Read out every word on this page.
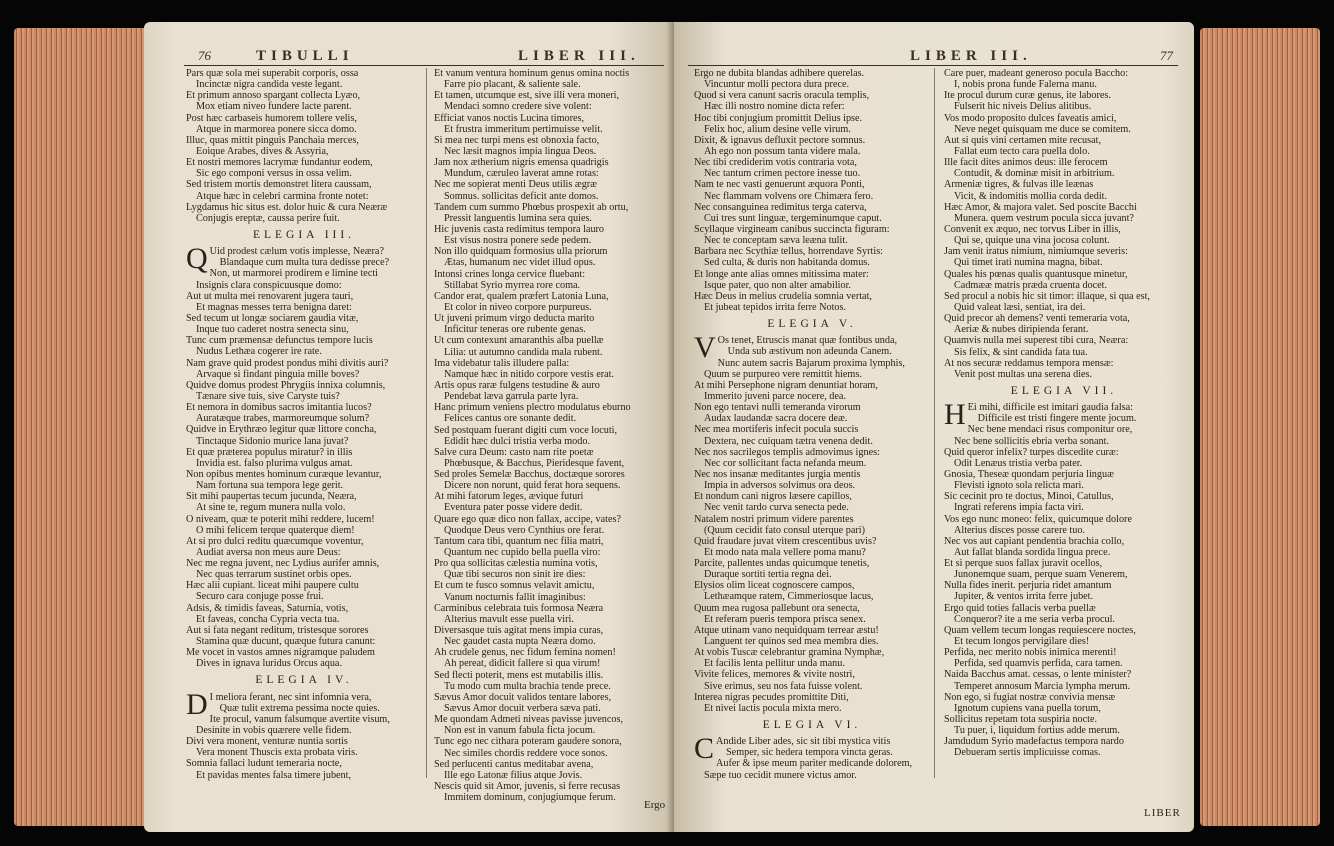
76	TIBULLI	LIBER III.
Pars quæ sola mei superabit corporis, ossa
Incinctæ nigra candida veste legant.
Et primum annoso spargant collecta Lyæo,
Mox etiam niveo fundere lacte parent.
Post hæc carbaseis humorem tollere velis,
Atque in marmorea ponere sicca domo.
Illuc, quas mittit pinguis Panchaia merces,
Eoique Arabes, dives & Assyria,
Et nostri memores lacrymæ fundantur eodem,
Sic ego componi versus in ossa velim.
Sed tristem mortis demonstret litera caussam,
Atque hæc in celebri carmina fronte notet:
Lygdamus hic situs est. dolor huic & cura Neæræ
Conjugis ereptæ, caussa perire fuit.
ELEGIA III.
Q Uid prodest cælum votis implesse, Neæra?
Blandaque cum multa tura dedisse prece?
Non, ut marmorei prodirem e limine tecti
Insignis clara conspicuusque domo:
Aut ut multa mei renovarent jugera tauri,
Et magnas messes terra benigna daret:
Sed tecum ut longæ sociarem gaudia vitæ,
Inque tuo caderet nostra senecta sinu,
Tunc cum præmensæ defunctus tempore lucis
Nudus Lethæa cogerer ire rate.
Nam grave quid prodest pondus mihi divitis auri?
Arvaque si findant pinguia mille boves?
Quidve domus prodest Phrygiis innixa columnis,
Tænare sive tuis, sive Caryste tuis?
Et nemora in domibus sacros imitantia lucos?
Auratæque trabes, marmoreumque solum?
Quidve in Erythræo legitur quæ littore concha,
Tinctaque Sidonio murice lana juvat?
Et quæ præterea populus miratur? in illis
Invidia est. falso plurima vulgus amat.
Non opibus mentes hominum curæque levantur,
Nam fortuna sua tempora lege gerit.
Sit mihi paupertas tecum jucunda, Neæra,
At sine te, regum munera nulla volo.
O niveam, quæ te poterit mihi reddere, lucem!
O mihi felicem terque quaterque diem!
At si pro dulci reditu quæcumque voventur,
Audiat aversa non meus aure Deus:
Nec me regna juvent, nec Lydius aurifer amnis,
Nec quas terrarum sustinet orbis opes.
Hæc alii cupiant. liceat mihi paupere cultu
Securo cara conjuge posse frui.
Adsis, & timidis faveas, Saturnia, votis,
Et faveas, concha Cypria vecta tua.
Aut si fata negant reditum, tristesque sorores
Stamina quæ ducunt, quæque futura canunt:
Me vocet in vastos amnes nigramque paludem
Dives in ignava luridus Orcus aqua.
ELEGIA IV.
D I meliora ferant, nec sint infomnia vera,
Quæ tulit extrema pessima nocte quies.
Ite procul, vanum falsumque avertite visum,
Desinite in vobis quærere velle fidem.
Divi vera monent, venturæ nuntia sortis
Vera monent Thuscis exta probata viris.
Somnia fallaci ludunt temeraria nocte,
Et pavidas mentes falsa timere jubent,
Et vanum ventura hominum genus omina noctis
Farre pio placant, & saliente sale.
Et tamen, utcumque est, sive illi vera moneri,
Mendaci somno credere sive volent:
Efficiat vanos noctis Lucina timores,
Et frustra immeritum pertimuisse velit.
Si mea nec turpi mens est obnoxia facto,
Nec læsit magnos impia lingua Deos.
Jam nox ætherium nigris emensa quadrigis
Mundum, cæruleo laverat amne rotas:
Nec me sopierat menti Deus utilis ægræ
Somnus. sollicitas deficit ante domos.
Tandem cum summo Phœbus prospexit ab ortu,
Pressit languentis lumina sera quies.
Hic juvenis casta redimitus tempora lauro
Est visus nostra ponere sede pedem.
Non illo quidquam formosius ulla priorum
Ætas, humanum nec videt illud opus.
Intonsi crines longa cervice fluebant:
Stillabat Syrio myrrea rore coma.
Candor erat, qualem præfert Latonia Luna,
Et color in niveo corpore purpureus.
Ut juveni primum virgo deducta marito
Inficitur teneras ore rubente genas.
Ut cum contexunt amaranthis alba puellæ
Lilia: ut autumno candida mala rubent.
Ima videbatur talis illudere palla:
Namque hæc in nitido corpore vestis erat.
Artis opus raræ fulgens testudine & auro
Pendebat læva garrula parte lyra.
Hanc primum veniens plectro modulatus eburno
Felices cantus ore sonante dedit.
Sed postquam fuerant digiti cum voce locuti,
Edidit hæc dulci tristia verba modo.
Salve cura Deum: casto nam rite poetæ
Phœbusque, & Bacchus, Pieridesque favent,
Sed proles Semelæ Bacchus, doctæque sorores
Dicere non norunt, quid ferat hora sequens.
At mihi fatorum leges, ævique futuri
Eventura pater posse videre dedit.
Quare ego quæ dico non fallax, accipe, vates?
Quodque Deus vero Cynthius ore ferat.
Tantum cara tibi, quantum nec filia matri,
Quantum nec cupido bella puella viro:
Pro qua sollicitas cælestia numina votis,
Quæ tibi securos non sinit ire dies:
Et cum te fusco somnus velavit amictu,
Vanum nocturnis fallit imaginibus:
Carminibus celebrata tuis formosa Neæra
Alterius mavult esse puella viri.
Diversasque tuis agitat mens impia curas,
Nec gaudet casta nupta Neæra domo.
Ah crudele genus, nec fidum femina nomen!
Ah pereat, didicit fallere si qua virum!
Sed flecti poterit, mens est mutabilis illis.
Tu modo cum multa brachia tende prece.
Sævus Amor docuit validos tentare labores,
Sævus Amor docuit verbera sæva pati.
Me quondam Admeti niveas pavisse juvencos,
Non est in vanum fabula ficta jocum.
Tunc ego nec cithara poteram gaudere sonora,
Nec similes chordis reddere voce sonos.
Sed perlucenti cantus meditabar avena,
Ille ego Latonæ filius atque Jovis.
Nescis quid sit Amor, juvenis, si ferre recusas
Immitem dominum, conjugiumque ferum.
Ergo
LIBER III.	77
Ergo ne dubita blandas adhibere querelas.
Vincuntur molli pectora dura prece.
Quod si vera canunt sacris oracula templis,
Hæc illi nostro nomine dicta refer:
Hoc tibi conjugium promittit Delius ipse.
Felix hoc, alium desine velle virum.
Dixit, & ignavus defluxit pectore somnus.
Ah ego non possum tanta videre mala.
Nec tibi crediderim votis contraria vota,
Nec tantum crimen pectore inesse tuo.
Nam te nec vasti genuerunt æquora Ponti,
Nec flammam volvens ore Chimæra fero.
Nec consanguinea redimitus terga caterva,
Cui tres sunt linguæ, tergeminumque caput.
Scyllaque virgineam canibus succincta figuram:
Nec te conceptam sæva leæna tulit.
Barbara nec Scythiæ tellus, horrendave Syrtis:
Sed culta, & duris non habitanda domus.
Et longe ante alias omnes mitissima mater:
Isque pater, quo non alter amabilior.
Hæc Deus in melius crudelia somnia vertat,
Et jubeat tepidos irrita ferre Notos.
ELEGIA V.
V Os tenet, Etruscis manat quæ fontibus unda,
Unda sub æstivum non adeunda Canem.
Nunc autem sacris Bajarum proxima lymphis,
Quum se purpureo vere remittit hiems.
At mihi Persephone nigram denuntiat horam,
Immerito juveni parce nocere, dea.
Non ego tentavi nulli temeranda virorum
Audax laudandæ sacra docere deæ.
Nec mea mortiferis infecit pocula succis
Dextera, nec cuiquam tætra venena dedit.
Nec nos sacrilegos templis admovimus ignes:
Nec cor sollicitant facta nefanda meum.
Nec nos insanæ meditantes jurgia mentis
Impia in adversos solvimus ora deos.
Et nondum cani nigros læsere capillos,
Nec venit tardo curva senecta pede.
Natalem nostri primum videre parentes
(Quum cecidit fato consul uterque pari)
Quid fraudare juvat vitem crescentibus uvis?
Et modo nata mala vellere poma manu?
Parcite, pallentes undas quicumque tenetis,
Duraque sortiti tertia regna dei.
Elysios olim liceat cognoscere campos,
Lethæamque ratem, Cimmeriosque lacus,
Quum mea rugosa pallebunt ora senecta,
Et referam pueris tempora prisca senex.
Atque utinam vano nequidquam terrear æstu!
Languent ter quinos sed mea membra dies.
At vobis Tuscæ celebrantur gramina Nymphæ,
Et facilis lenta pellitur unda manu.
Vivite felices, memores & vivite nostri,
Sive erimus, seu nos fata fuisse volent.
Interea nigras pecudes promittite Diti,
Et nivei lactis pocula mixta mero.
ELEGIA VI.
C Andide Liber ades, sic sit tibi mystica vitis
Semper, sic hedera tempora vincta geras.
Aufer & ipse meum pariter medicande dolorem,
Sæpe tuo cecidit munere victus amor.
Care puer, madeant generoso pocula Baccho:
I, nobis prona funde Falerna manu.
Ite procul durum curæ genus, ite labores.
Fulserit hic niveis Delius alitibus.
Vos modo proposito dulces faveatis amici,
Neve neget quisquam me duce se comitem.
Aut si quis vini certamen mite recusat,
Fallat eum tecto cara puella dolo.
Ille facit dites animos deus: ille ferocem
Contudit, & dominæ misit in arbitrium.
Armeniæ tigres, & fulvas ille leænas
Vicit, & indomitis mollia corda dedit.
Hæc Amor, & majora valet. Sed poscite Bacchi
Munera. quem vestrum pocula sicca juvant?
Convenit ex æquo, nec torvus Liber in illis,
Qui se, quique una vina jocosa colunt.
Jam venit iratus nimium, nimiumque severis:
Qui timet irati numina magna, bibat.
Quales his pœnas qualis quantusque minetur,
Cadmææ matris præda cruenta docet.
Sed procul a nobis hic sit timor: illaque, si qua est,
Quid valeat læsi, sentiat, ira dei.
Quid precor ah demens? venti temeraria vota,
Aeriæ & nubes diripienda ferant.
Quamvis nulla mei superest tibi cura, Neæra:
Sis felix, & sint candida fata tua.
At nos securæ reddamus tempora mensæ:
Venit post multas una serena dies.
ELEGIA VII.
H Ei mihi, difficile est imitari gaudia falsa:
Difficile est tristi fingere mente jocum.
Nec bene mendaci risus componitur ore,
Nec bene sollicitis ebria verba sonant.
Quid queror infelix? turpes discedite curæ:
Odit Lenæus tristia verba pater.
Gnosia, Theseæ quondam perjuria linguæ
Flevisti ignoto sola relicta mari.
Sic cecinit pro te doctus, Minoi, Catullus,
Ingrati referens impia facta viri.
Vos ego nunc moneo: felix, quicumque dolore
Alterius disces posse carere tuo.
Nec vos aut capiant pendentia brachia collo,
Aut fallat blanda sordida lingua prece.
Et si perque suos fallax juravit ocellos,
Junonemque suam, perque suam Venerem,
Nulla fides inerit. perjuria ridet amantum
Jupiter, & ventos irrita ferre jubet.
Ergo quid toties fallacis verba puellæ
Conqueror? ite a me seria verba procul.
Quam vellem tecum longas requiescere noctes,
Et tecum longos pervigilare dies!
Perfida, nec merito nobis inimica merenti!
Perfida, sed quamvis perfida, cara tamen.
Naida Bacchus amat. cessas, o lente minister?
Temperet annosum Marcia lympha merum.
Non ego, si fugiat nostræ convivia mensæ
Ignotum cupiens vana puella torum,
Sollicitus repetam tota suspiria nocte.
Tu puer, i, liquidum fortius adde merum.
Jamdudum Syrio madefactus tempora nardo
Debueram sertis implicuisse comas.
LIBER
